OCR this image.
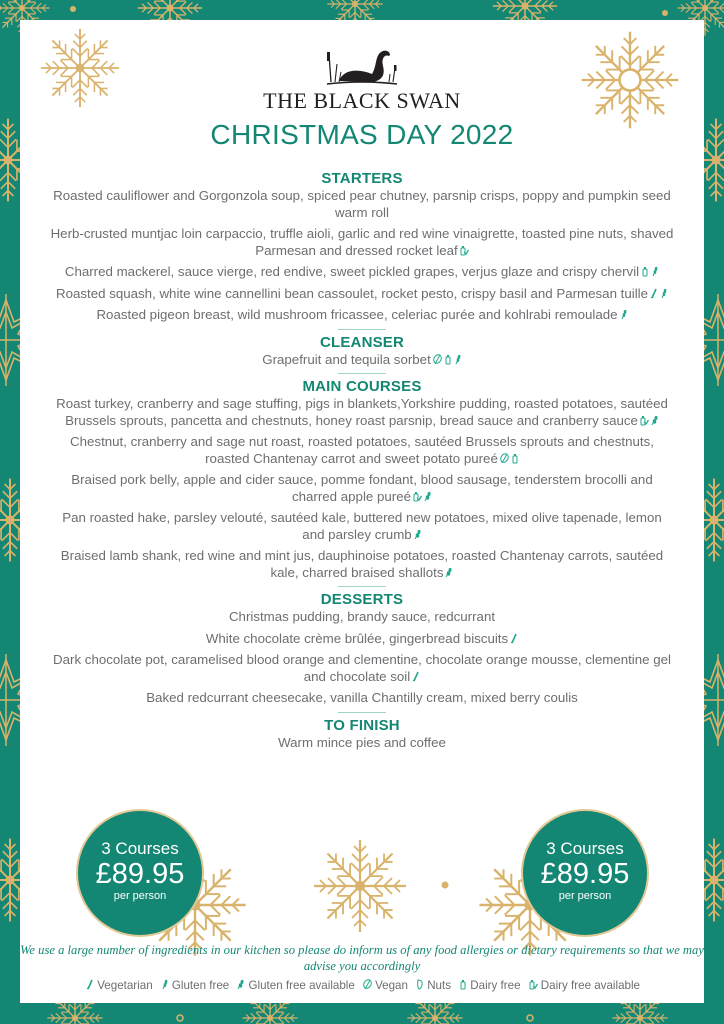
THE BLACK SWAN
CHRISTMAS DAY 2022
STARTERS
Roasted cauliflower and Gorgonzola soup, spiced pear chutney, parsnip crisps, poppy and pumpkin seed warm roll
Herb-crusted muntjac loin carpaccio, truffle aioli, garlic and red wine vinaigrette, toasted pine nuts, shaved Parmesan and dressed rocket leaf
Charred mackerel, sauce vierge, red endive, sweet pickled grapes, verjus glaze and crispy chervil
Roasted squash, white wine cannellini bean cassoulet, rocket pesto, crispy basil and Parmesan tuille
Roasted pigeon breast, wild mushroom fricassee, celeriac purée and kohlrabi remoulade
CLEANSER
Grapefruit and tequila sorbet
MAIN COURSES
Roast turkey, cranberry and sage stuffing, pigs in blankets,Yorkshire pudding, roasted potatoes, sautéed Brussels sprouts, pancetta and chestnuts, honey roast parsnip, bread sauce and cranberry sauce
Chestnut, cranberry and sage nut roast, roasted potatoes, sautéed Brussels sprouts and chestnuts, roasted Chantenay carrot and sweet potato pureé
Braised pork belly, apple and cider sauce, pomme fondant, blood sausage, tenderstem brocolli and charred apple pureé
Pan roasted hake, parsley velouté, sautéed kale, buttered new potatoes, mixed olive tapenade, lemon and parsley crumb
Braised lamb shank, red wine and mint jus, dauphinoise potatoes, roasted Chantenay carrots, sautéed kale, charred braised shallots
DESSERTS
Christmas pudding, brandy sauce, redcurrant
White chocolate crème brûlée, gingerbread biscuits
Dark chocolate pot, caramelised blood orange and clementine, chocolate orange mousse, clementine gel and chocolate soil
Baked redcurrant cheesecake, vanilla Chantilly cream, mixed berry coulis
TO FINISH
Warm mince pies and coffee
3 Courses
£89.95
per person
3 Courses
£89.95
per person
We use a large number of ingredients in our kitchen so please do inform us of any food allergies or dietary requirements so that we may advise you accordingly
Vegetarian Gluten free Gluten free available Vegan Nuts Dairy free Dairy free available
